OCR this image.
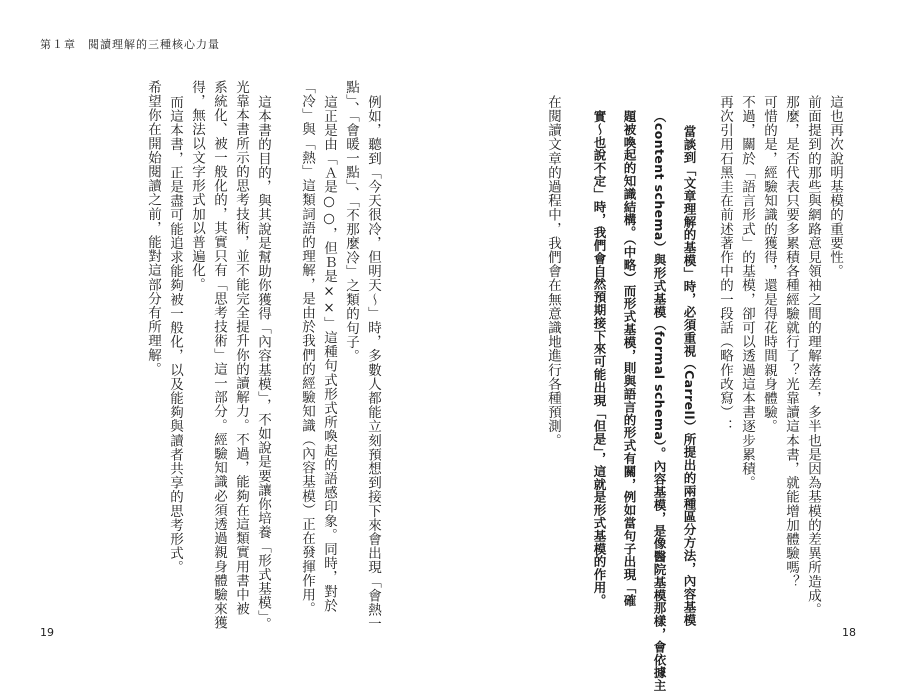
第１章　閱讀理解的三種核心力量
這也再次說明基模的重要性。
前面提到的那些與網路意見領袖之間的理解落差，多半也是因為基模的差異所造成。
那麼，是否代表只要多累積各種經驗就行了？光靠讀這本書，就能增加體驗嗎？
可惜的是，經驗知識的獲得，還是得花時間親身體驗。
不過，關於「語言形式」的基模，卻可以透過這本書逐步累積。
再次引用石黑圭在前述著作中的一段話（略作改寫）：
當談到「文章理解的基模」時，必須重視（Carrell）所提出的兩種區分方法，內容基模
（content schema）與形式基模（formal schema）。內容基模，是像醫院基模那樣，會依據主
題被喚起的知識結構。（中略）而形式基模，則與語言的形式有關，例如當句子出現「確
實～也說不定」時，我們會自然預期接下來可能出現「但是」，這就是形式基模的作用。
在閱讀文章的過程中，我們會在無意識地進行各種預測。
例如，聽到「今天很冷，但明天～」時，多數人都能立刻預想到接下來會出現「會熱一
點」、「會暖一點」、「不那麼冷」之類的句子。
這正是由「Ａ是○○，但Ｂ是××」這種句式形式所喚起的語感印象。同時，對於
「冷」與「熱」這類詞語的理解，是由於我們的經驗知識（內容基模）正在發揮作用。
這本書的目的，與其說是幫助你獲得「內容基模」，不如說是要讓你培養「形式基模」。
光靠本書所示的思考技術，並不能完全提升你的讀解力。不過，能夠在這類實用書中被
系統化、被一般化的，其實只有「思考技術」這一部分。經驗知識必須透過親身體驗來獲
得，無法以文字形式加以普遍化。
而這本書，正是盡可能追求能夠被一般化，以及能夠與讀者共享的思考形式。
希望你在開始閱讀之前，能對這部分有所理解。
19	18
